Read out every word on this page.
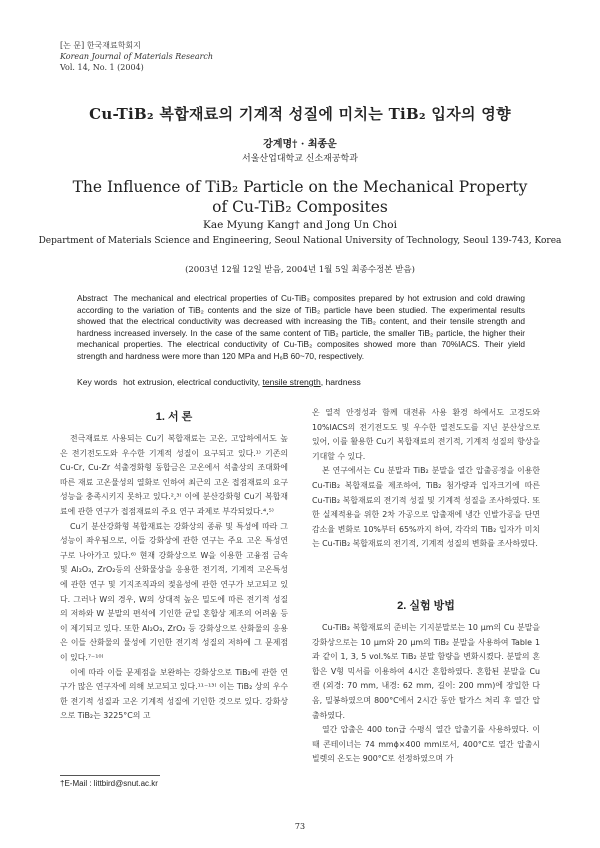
[논 문] 한국재료학회지
Korean Journal of Materials Research
Vol. 14, No. 1 (2004)
Cu-TiB₂ 복합재료의 기계적 성질에 미치는 TiB₂ 입자의 영향
강계명† · 최종운
서울산업대학교 신소재공학과
The Influence of TiB₂ Particle on the Mechanical Property of Cu-TiB₂ Composites
Kae Myung Kang† and Jong Un Choi
Department of Materials Science and Engineering, Seoul National University of Technology, Seoul 139-743, Korea
(2003년 12월 12일 받음, 2004년 1월 5일 최종수정본 받음)
Abstract The mechanical and electrical properties of Cu-TiB₂ composites prepared by hot extrusion and cold drawing according to the variation of TiB₂ contents and the size of TiB₂ particle have been studied. The experimental results showed that the electrical conductivity was decreased with increasing the TiB₂ content, and their tensile strength and hardness increased inversely. In the case of the same content of TiB₂ particle, the smaller TiB₂ particle, the higher their mechanical properties. The electrical conductivity of Cu-TiB₂ composites showed more than 70%IACS. Their yield strength and hardness were more than 120 MPa and H₆B 60~70, respectively.
Key words hot extrusion, electrical conductivity, tensile strength, hardness
1. 서 론

전극재료로 사용되는 Cu기 복합재료는 고온, 고압하에서도 높은 전기전도도와 우수한 기계적 성질이 요구되고 있다.¹⁾ 기존의 Cu-Cr, Cu-Zr 석출경화형 동합금은 고온에서 석출상의 조대화에 따른 재료 고온물성의 열화로 인하여 최근의 고온 접점재료의 요구 성능을 충족시키지 못하고 있다.²,³⁾ 이에 분산강화형 Cu기 복합재료에 관한 연구가 접점재료의 주요 연구 과제로 부각되었다.⁴,⁵⁾

Cu기 분산강화형 복합재료는 강화상의 종류 및 특성에 따라 그 성능이 좌우됨으로, 이들 강화상에 관한 연구는 주요 고온 특성연구로 나아가고 있다.⁶⁾ 현재 강화상으로 W을 이용한 고융점 금속 및 Al₂O₃, ZrO₂등의 산화물상을 응용한 전기적, 기계적 고온특성에 관한 연구 및 기지조직과의 젖음성에 관한 연구가 보고되고 있다. 그러나 W의 경우, W의 상대적 높은 밀도에 따른 전기적 성질의 저하와 W 분말의 편석에 기인한 균일 혼합상 제조의 어려움 등이 제기되고 있다. 또한 Al₂O₃, ZrO₂ 등 강화상으로 산화물의 응용은 이들 산화물의 물성에 기인한 전기적 성질의 저하에 그 문제점이 있다.⁷⁻¹⁰⁾

이에 따라 이들 문제점을 보완하는 강화상으로 TiB₂에 관한 연구가 많은 연구자에 의해 보고되고 있다.¹¹⁻¹³⁾ 이는 TiB₂ 상의 우수한 전기적 성질과 고온 기계적 성질에 기인한 것으로 있다. 강화상으로 TiB₂는 3225°C의 고

온 열적 안정성과 함께 대전류 사용 환경 하에서도 고경도와 10%IACS의 전기전도도 및 우수한 열전도도를 지닌 분산상으로 있어, 이를 활용한 Cu기 복합재료의 전기적, 기계적 성질의 향상을 기대할 수 있다.

본 연구에서는 Cu 분말과 TiB₂ 분말을 열간 압출공정을 이용한 Cu-TiB₂ 복합재료를 제조하여, TiB₂ 첨가량과 입자크기에 따른 Cu-TiB₂ 복합재료의 전기적 성질 및 기계적 성질을 조사하였다. 또한 실제적용을 위한 2차 가공으로 압출재에 냉간 인발가공을 단면감소율 변화로 10%부터 65%까지 하여, 각각의 TiB₂ 입자가 미치는 Cu-TiB₂ 복합재료의 전기적, 기계적 성질의 변화를 조사하였다.

2. 실험 방법

Cu-TiB₂ 복합재료의 준비는 기지분말로는 10 μm의 Cu 분말을 강화상으로는 10 μm와 20 μm의 TiB₂ 분말을 사용하여 Table 1과 같이 1, 3, 5 vol.%로 TiB₂ 분말 함량을 변화시켰다. 분말의 혼합은 V형 믹서를 이용하여 4시간 혼합하였다. 혼합된 분말을 Cu 캔 (외경: 70 mm, 내경: 62 mm, 길이: 200 mm)에 장입한 다음, 밀봉하였으며 800°C에서 2시간 동안 탈가스 처리 후 열간 압출하였다.

열간 압출은 400 ton급 수평식 열간 압출기를 사용하였다. 이때 콘테이너는 74 mmϕ×400 mml로서, 400°C로 열간 압출시 빌렛의 온도는 900°C로 선정하였으며 가

†E-Mail : littbird@snut.ac.kr
73
